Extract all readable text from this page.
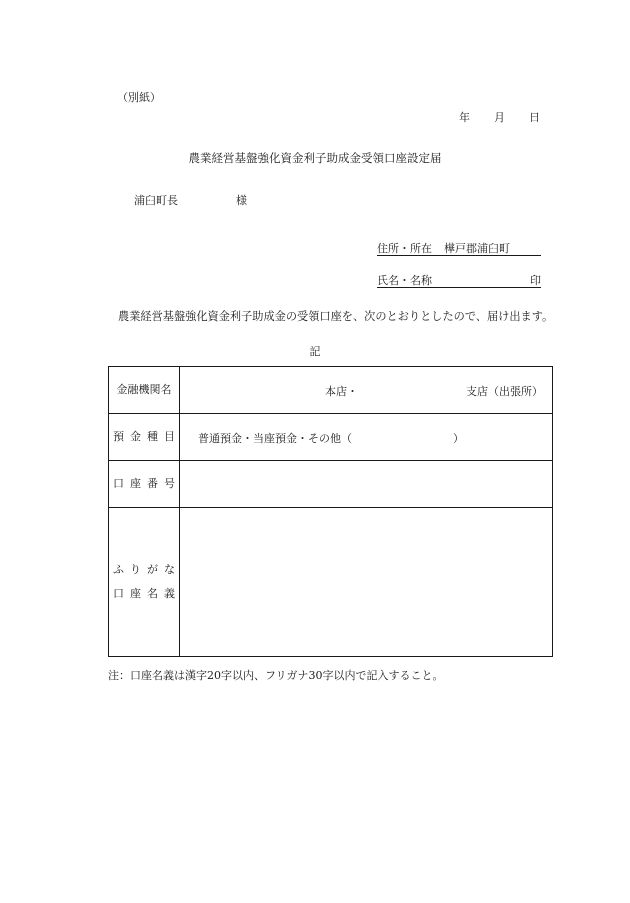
（別紙）
年 月 日
農業経営基盤強化資金利子助成金受領口座設定届
浦臼町長	様
住所・所在 樺戸郡浦臼町
氏名・名称	印
農業経営基盤強化資金利子助成金の受領口座を、次のとおりとしたので、届け出ます。
記
金融機関名	本店・	支店（出張所）
預金種目 普通預金・当座預金・その他（	）
口座番号
ふりがな
口座名義
注：口座名義は漢字20字以内、フリガナ30字以内で記入すること。
